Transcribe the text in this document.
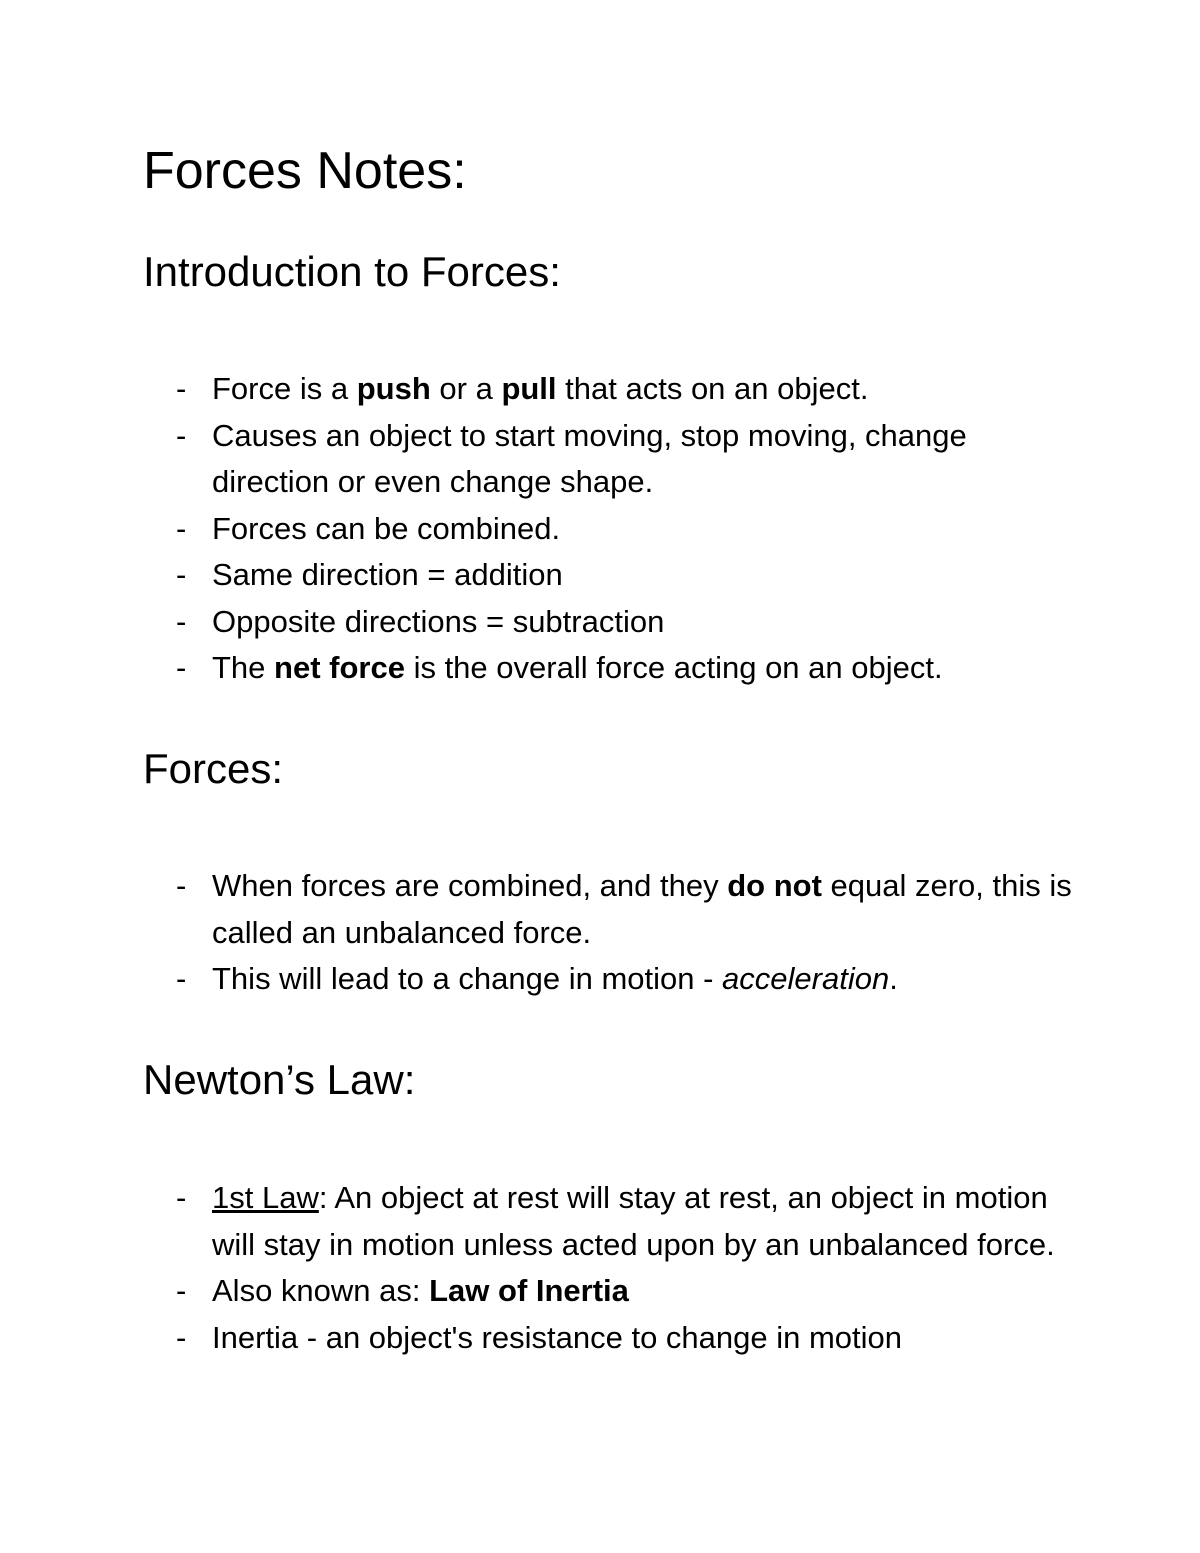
Forces Notes:
Introduction to Forces:
- Force is a push or a pull that acts on an object.
- Causes an object to start moving, stop moving, change direction or even change shape.
- Forces can be combined.
- Same direction = addition
- Opposite directions = subtraction
- The net force is the overall force acting on an object.
Forces:
- When forces are combined, and they do not equal zero, this is called an unbalanced force.
- This will lead to a change in motion - acceleration.
Newton’s Law:
- 1st Law: An object at rest will stay at rest, an object in motion will stay in motion unless acted upon by an unbalanced force.
- Also known as: Law of Inertia
- Inertia - an object's resistance to change in motion
